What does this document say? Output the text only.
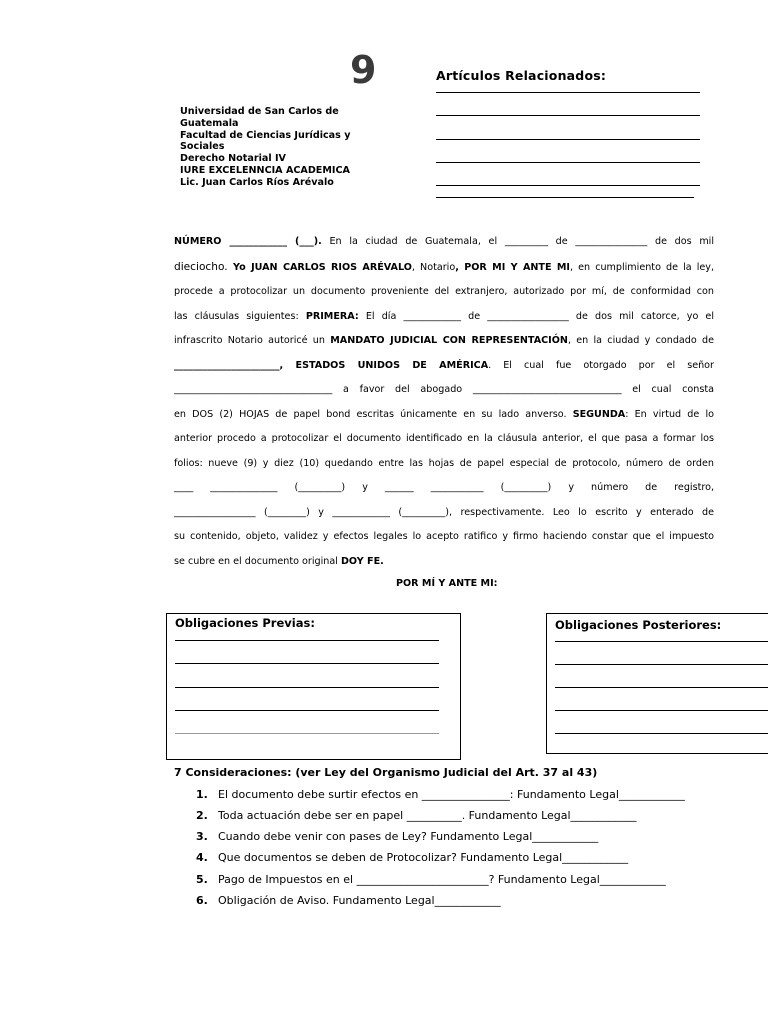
9	Artículos Relacionados:
Universidad de San Carlos de
Guatemala
Facultad de Ciencias Jurídicas y
Sociales
Derecho Notarial IV
IURE EXCELENNCIA ACADEMICA
Lic. Juan Carlos Ríos Arévalo

NÚMERO ____________ (___). En la ciudad de Guatemala, el _________ de _______________ de dos mil

dieciocho. Yo JUAN CARLOS RIOS ARÉVALO, Notario, POR MI Y ANTE MI, en cumplimiento de la ley,

procede a protocolizar un documento proveniente del extranjero, autorizado por mí, de conformidad con

las cláusulas siguientes: PRIMERA: El día ____________ de _________________ de dos mil catorce, yo el

infrascrito Notario autoricé un MANDATO JUDICIAL CON REPRESENTACIÓN, en la ciudad y condado de

______________________, ESTADOS UNIDOS DE AMÉRICA. El cual fue otorgado por el señor

_________________________________ a favor del abogado _______________________________ el cual consta

en DOS (2) HOJAS de papel bond escritas únicamente en su lado anverso. SEGUNDA: En virtud de lo

anterior procedo a protocolizar el documento identificado en la cláusula anterior, el que pasa a formar los

folios: nueve (9) y diez (10) quedando entre las hojas de papel especial de protocolo, número de orden

____ ______________ (_________) y ______ ___________ (_________) y número de registro,

_________________ (________) y ____________ (_________), respectivamente. Leo lo escrito y enterado de

su contenido, objeto, validez y efectos legales lo acepto ratifico y firmo haciendo constar que el impuesto

se cubre en el documento original DOY FE.

POR MÍ Y ANTE MI:
Obligaciones Previas:	Obligaciones Posteriores:
7 Consideraciones: (ver Ley del Organismo Judicial del Art. 37 al 43)
1. El documento debe surtir efectos en ________________: Fundamento Legal____________
2. Toda actuación debe ser en papel __________. Fundamento Legal____________
3. Cuando debe venir con pases de Ley? Fundamento Legal____________
4. Que documentos se deben de Protocolizar? Fundamento Legal____________
5. Pago de Impuestos en el ________________________? Fundamento Legal____________
6. Obligación de Aviso. Fundamento Legal____________
